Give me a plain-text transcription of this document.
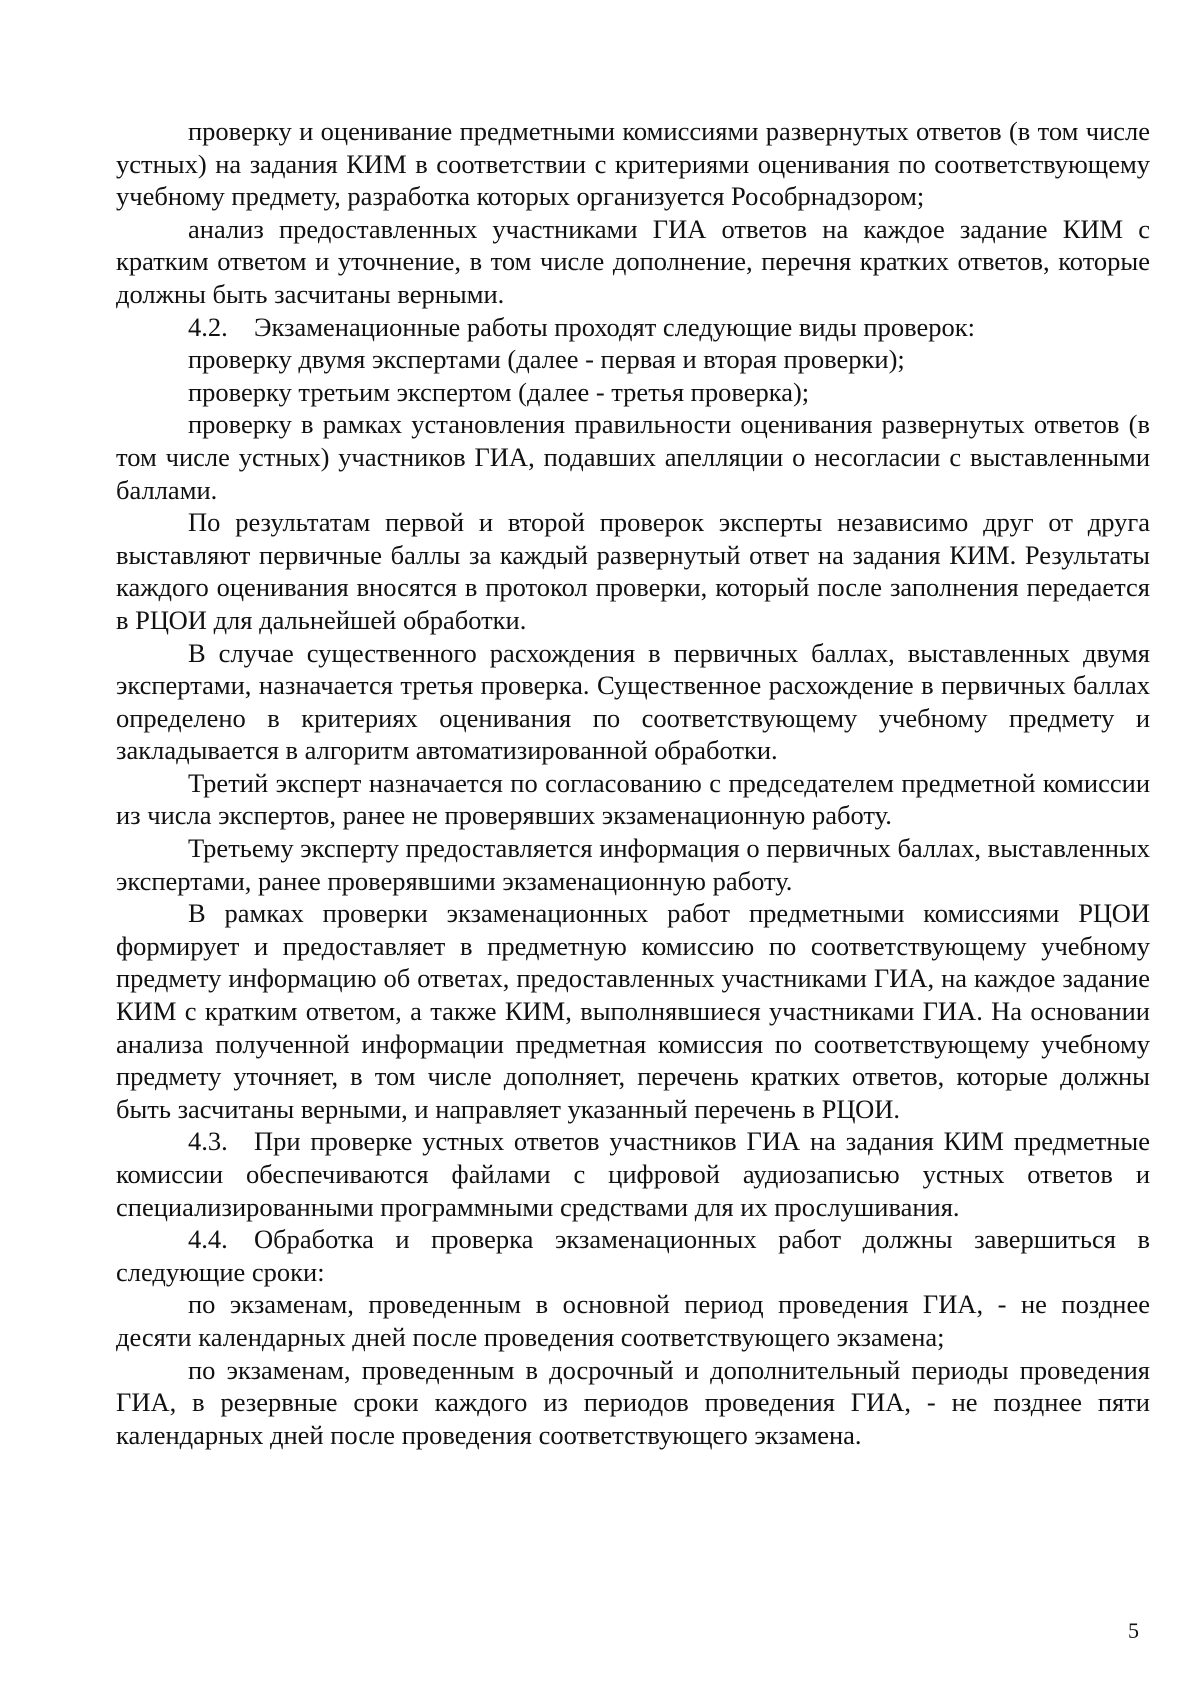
проверку и оценивание предметными комиссиями развернутых ответов (в том числе устных) на задания КИМ в соответствии с критериями оценивания по соответствующему учебному предмету, разработка которых организуется Рособрнадзором;

анализ предоставленных участниками ГИА ответов на каждое задание КИМ с кратким ответом и уточнение, в том числе дополнение, перечня кратких ответов, которые должны быть засчитаны верными.

4.2. Экзаменационные работы проходят следующие виды проверок:

проверку двумя экспертами (далее - первая и вторая проверки);

проверку третьим экспертом (далее - третья проверка);

проверку в рамках установления правильности оценивания развернутых ответов (в том числе устных) участников ГИА, подавших апелляции о несогласии с выставленными баллами.

По результатам первой и второй проверок эксперты независимо друг от друга выставляют первичные баллы за каждый развернутый ответ на задания КИМ. Результаты каждого оценивания вносятся в протокол проверки, который после заполнения передается в РЦОИ для дальнейшей обработки.

В случае существенного расхождения в первичных баллах, выставленных двумя экспертами, назначается третья проверка. Существенное расхождение в первичных баллах определено в критериях оценивания по соответствующему учебному предмету и закладывается в алгоритм автоматизированной обработки.

Третий эксперт назначается по согласованию с председателем предметной комиссии из числа экспертов, ранее не проверявших экзаменационную работу.

Третьему эксперту предоставляется информация о первичных баллах, выставленных экспертами, ранее проверявшими экзаменационную работу.

В рамках проверки экзаменационных работ предметными комиссиями РЦОИ формирует и предоставляет в предметную комиссию по соответствующему учебному предмету информацию об ответах, предоставленных участниками ГИА, на каждое задание КИМ с кратким ответом, а также КИМ, выполнявшиеся участниками ГИА. На основании анализа полученной информации предметная комиссия по соответствующему учебному предмету уточняет, в том числе дополняет, перечень кратких ответов, которые должны быть засчитаны верными, и направляет указанный перечень в РЦОИ.

4.3. При проверке устных ответов участников ГИА на задания КИМ предметные комиссии обеспечиваются файлами с цифровой аудиозаписью устных ответов и специализированными программными средствами для их прослушивания.

4.4. Обработка и проверка экзаменационных работ должны завершиться в следующие сроки:

по экзаменам, проведенным в основной период проведения ГИА, - не позднее десяти календарных дней после проведения соответствующего экзамена;

по экзаменам, проведенным в досрочный и дополнительный периоды проведения ГИА, в резервные сроки каждого из периодов проведения ГИА, - не позднее пяти календарных дней после проведения соответствующего экзамена.

5
